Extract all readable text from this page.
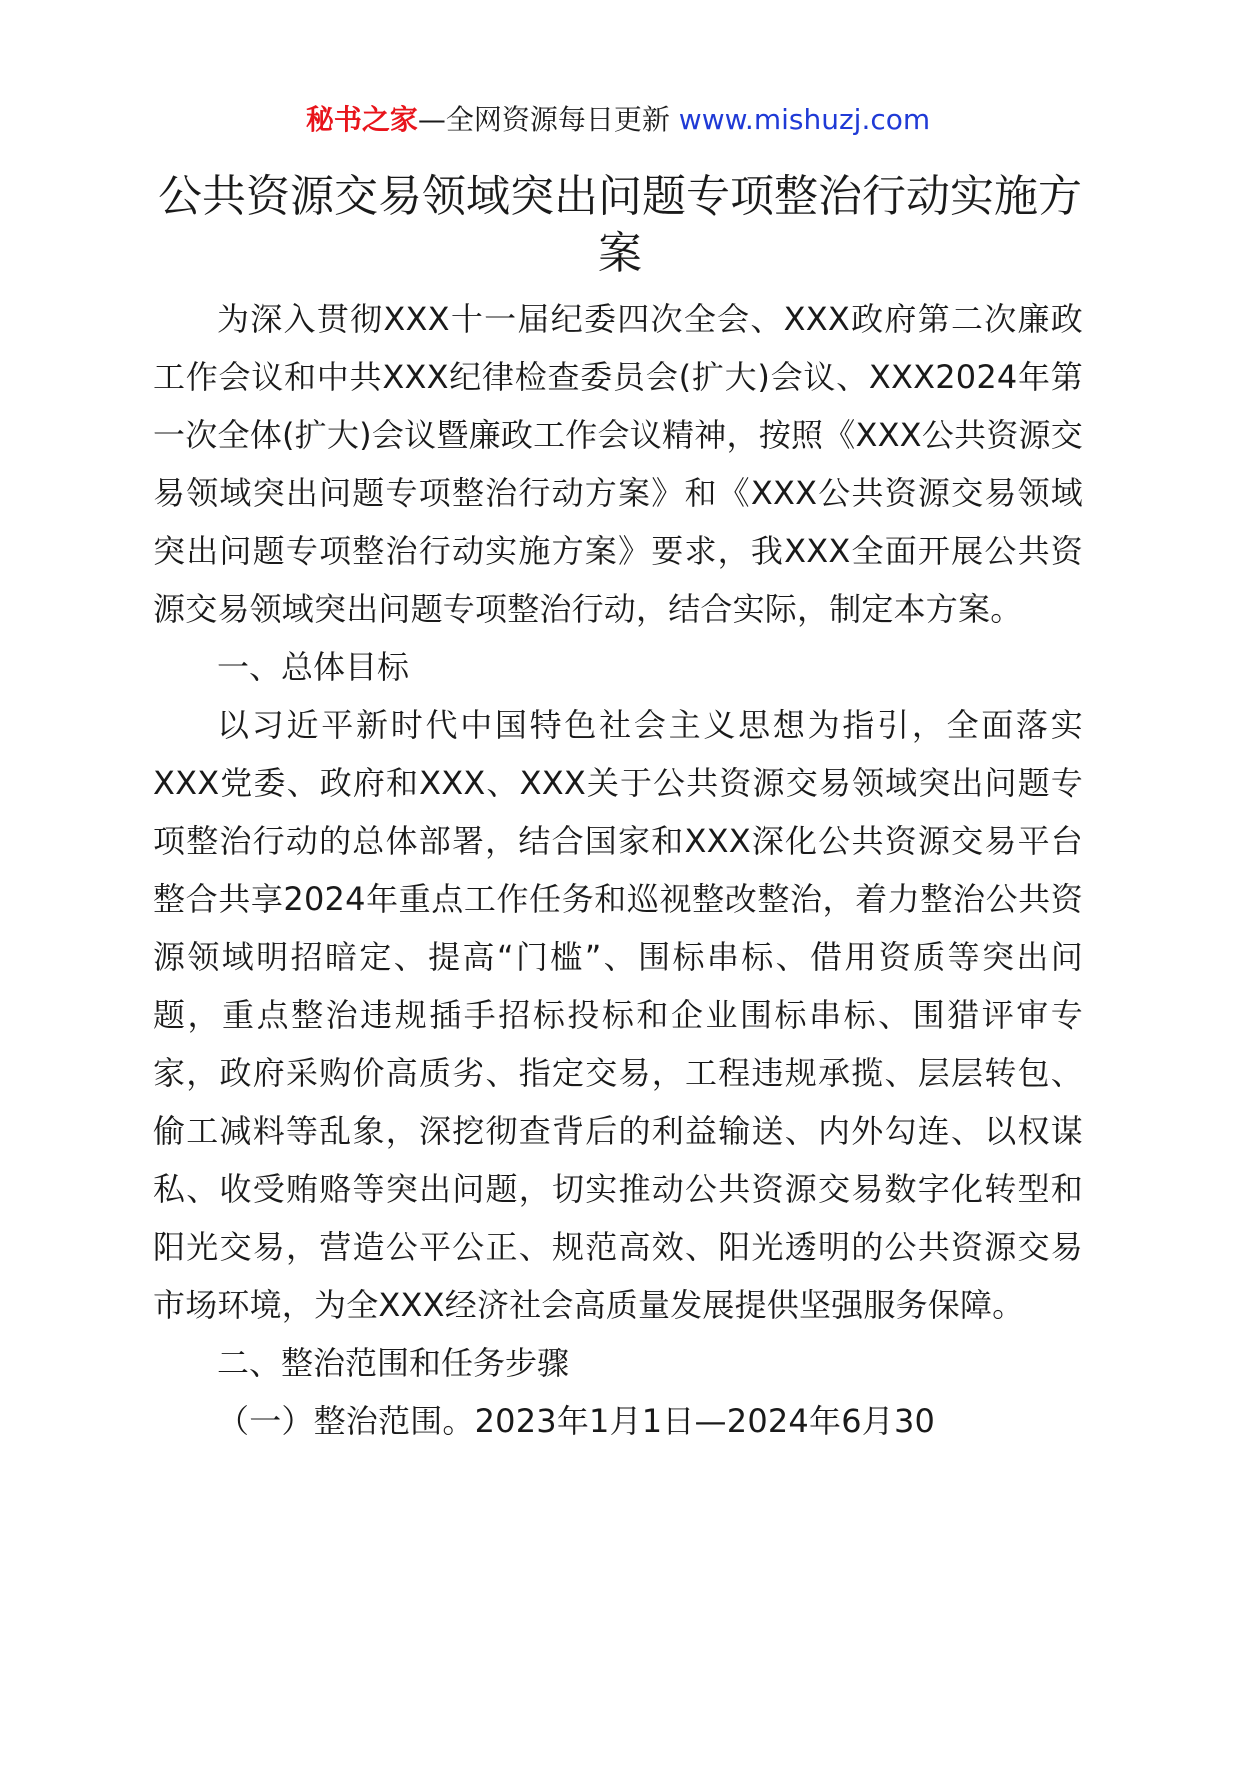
秘书之家—全网资源每日更新 www.mishuzj.com
公共资源交易领域突出问题专项整治行动实施方案

为深入贯彻XXX十一届纪委四次全会、XXX政府第二次廉政工作会议和中共XXX纪律检查委员会(扩大)会议、XXX2024年第一次全体(扩大)会议暨廉政工作会议精神，按照《XXX公共资源交易领域突出问题专项整治行动方案》和《XXX公共资源交易领域突出问题专项整治行动实施方案》要求，我XXX全面开展公共资源交易领域突出问题专项整治行动，结合实际，制定本方案。

一、总体目标

以习近平新时代中国特色社会主义思想为指引，全面落实XXX党委、政府和XXX、XXX关于公共资源交易领域突出问题专项整治行动的总体部署，结合国家和XXX深化公共资源交易平台整合共享2024年重点工作任务和巡视整改整治，着力整治公共资源领域明招暗定、提高“门槛”、围标串标、借用资质等突出问题，重点整治违规插手招标投标和企业围标串标、围猎评审专家，政府采购价高质劣、指定交易，工程违规承揽、层层转包、偷工减料等乱象，深挖彻查背后的利益输送、内外勾连、以权谋私、收受贿赂等突出问题，切实推动公共资源交易数字化转型和阳光交易，营造公平公正、规范高效、阳光透明的公共资源交易市场环境，为全XXX经济社会高质量发展提供坚强服务保障。

二、整治范围和任务步骤

（一）整治范围。2023年1月1日—2024年6月30
